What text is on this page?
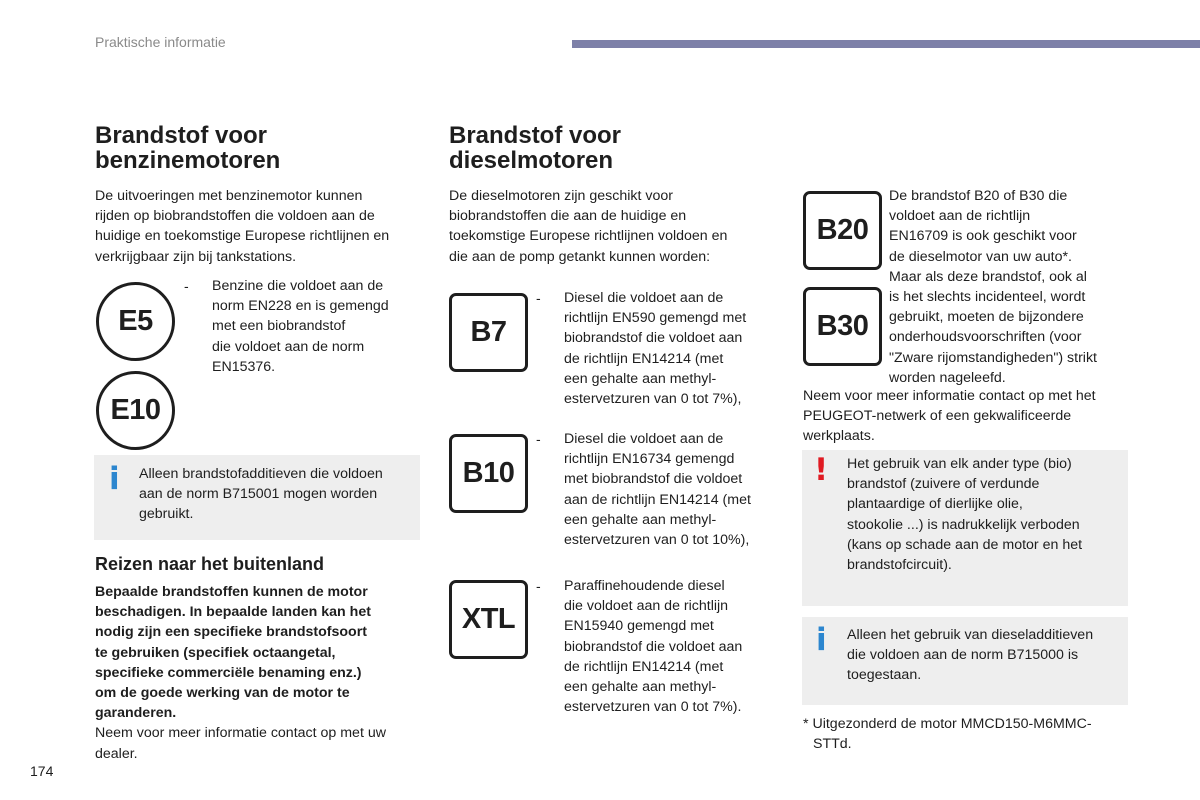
Praktische informatie
Brandstof voor
benzinemotoren
De uitvoeringen met benzinemotor kunnen
rijden op biobrandstoffen die voldoen aan de
huidige en toekomstige Europese richtlijnen en
verkrijgbaar zijn bij tankstations.
E5
E10
- Benzine die voldoet aan de
norm EN228 en is gemengd
met een biobrandstof
die voldoet aan de norm
EN15376.
i Alleen brandstofadditieven die voldoen
aan de norm B715001 mogen worden
gebruikt.
Reizen naar het buitenland
Bepaalde brandstoffen kunnen de motor
beschadigen. In bepaalde landen kan het
nodig zijn een specifieke brandstofsoort
te gebruiken (specifiek octaangetal,
specifieke commerciële benaming enz.)
om de goede werking van de motor te
garanderen.
Neem voor meer informatie contact op met uw
dealer.
Brandstof voor
dieselmotoren
De dieselmotoren zijn geschikt voor
biobrandstoffen die aan de huidige en
toekomstige Europese richtlijnen voldoen en
die aan de pomp getankt kunnen worden:
B7
- Diesel die voldoet aan de
richtlijn EN590 gemengd met
biobrandstof die voldoet aan
de richtlijn EN14214 (met
een gehalte aan methyl-
estervetzuren van 0 tot 7%),
B10
- Diesel die voldoet aan de
richtlijn EN16734 gemengd
met biobrandstof die voldoet
aan de richtlijn EN14214 (met
een gehalte aan methyl-
estervetzuren van 0 tot 10%),
XTL
- Paraffinehoudende diesel
die voldoet aan de richtlijn
EN15940 gemengd met
biobrandstof die voldoet aan
de richtlijn EN14214 (met
een gehalte aan methyl-
estervetzuren van 0 tot 7%).
B20
B30
De brandstof B20 of B30 die
voldoet aan de richtlijn
EN16709 is ook geschikt voor
de dieselmotor van uw auto*.
Maar als deze brandstof, ook al
is het slechts incidenteel, wordt
gebruikt, moeten de bijzondere
onderhoudsvoorschriften (voor
"Zware rijomstandigheden") strikt
worden nageleefd.
Neem voor meer informatie contact op met het
PEUGEOT-netwerk of een gekwalificeerde
werkplaats.
! Het gebruik van elk ander type (bio)
brandstof (zuivere of verdunde
plantaardige of dierlijke olie,
stookolie ...) is nadrukkelijk verboden
(kans op schade aan de motor en het
brandstofcircuit).
i Alleen het gebruik van dieseladditieven
die voldoen aan de norm B715000 is
toegestaan.
* Uitgezonderd de motor MMCD150-M6MMC-
STTd.
174
